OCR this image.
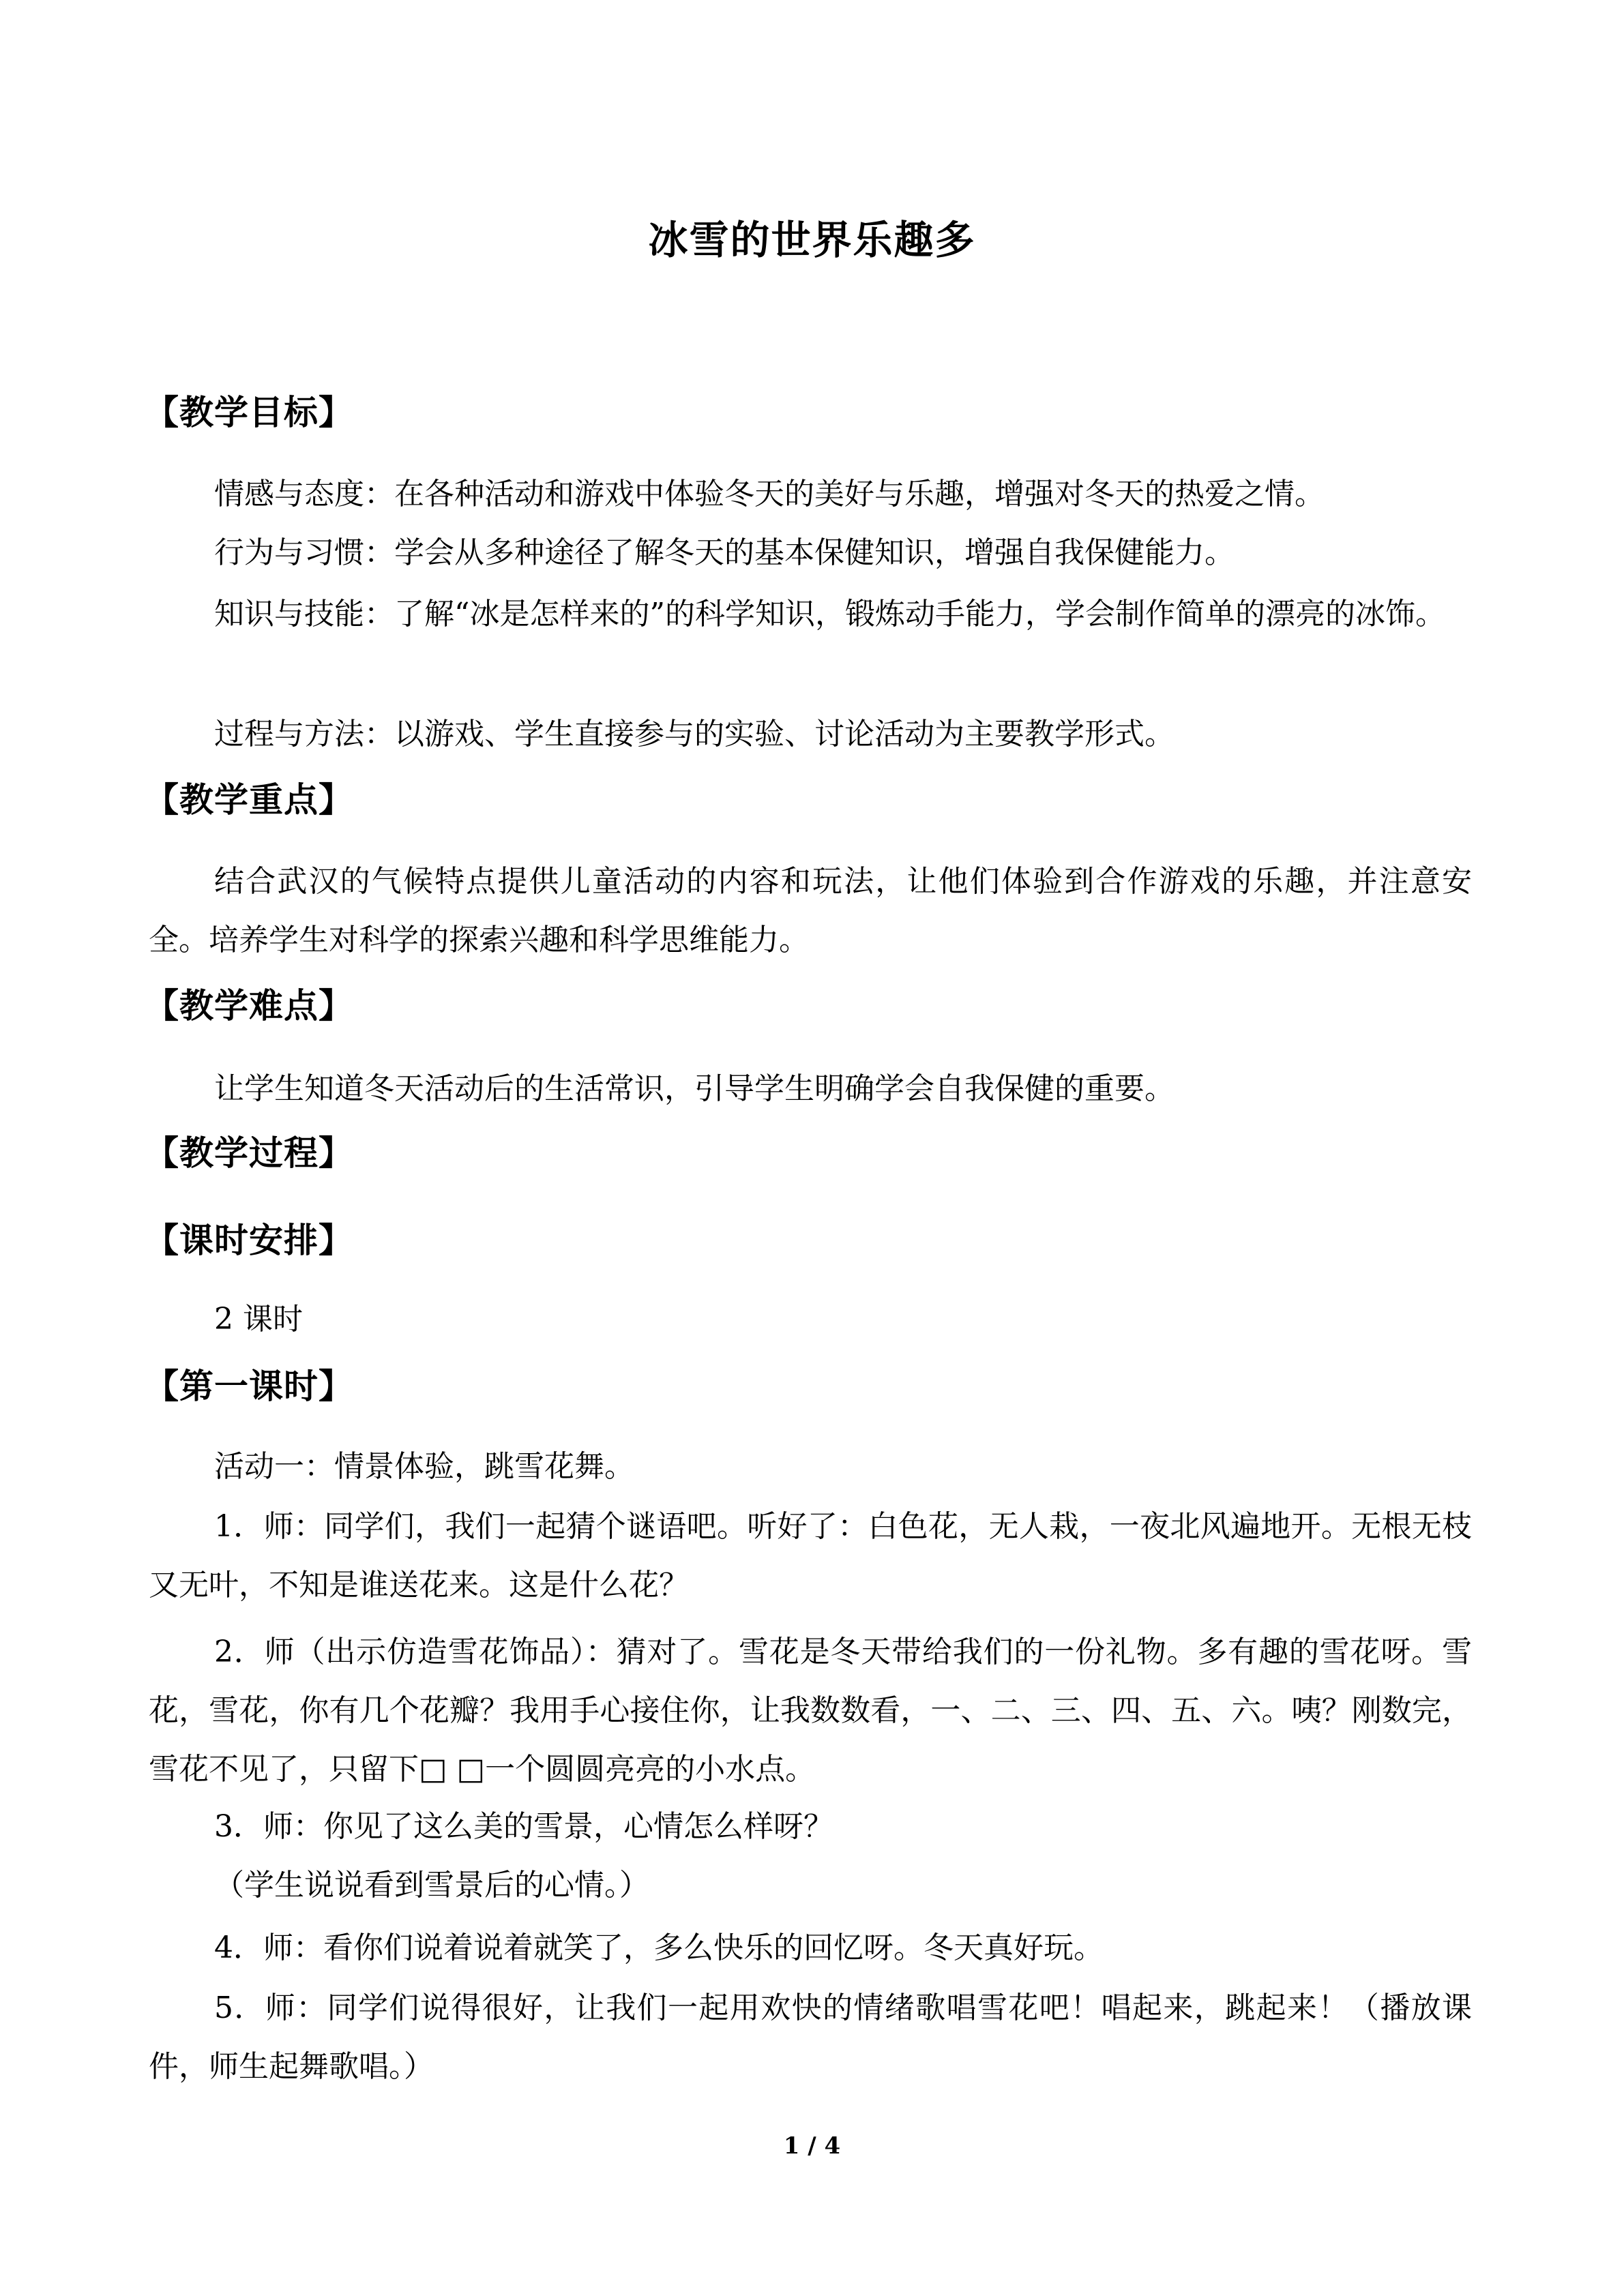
冰雪的世界乐趣多
【教学目标】
情感与态度：在各种活动和游戏中体验冬天的美好与乐趣，增强对冬天的热爱之情。
行为与习惯：学会从多种途径了解冬天的基本保健知识，增强自我保健能力。
知识与技能：了解“冰是怎样来的”的科学知识，锻炼动手能力，学会制作简单的漂亮的冰饰。
过程与方法：以游戏、学生直接参与的实验、讨论活动为主要教学形式。
【教学重点】
结合武汉的气候特点提供儿童活动的内容和玩法，让他们体验到合作游戏的乐趣，并注意安全。培养学生对科学的探索兴趣和科学思维能力。
【教学难点】
让学生知道冬天活动后的生活常识，引导学生明确学会自我保健的重要。
【教学过程】
【课时安排】
2 课时
【第一课时】
活动一：情景体验，跳雪花舞。
1．师：同学们，我们一起猜个谜语吧。听好了：白色花，无人栽，一夜北风遍地开。无根无枝又无叶，不知是谁送花来。这是什么花？
2．师（出示仿造雪花饰品）：猜对了。雪花是冬天带给我们的一份礼物。多有趣的雪花呀。雪花，雪花，你有几个花瓣？我用手心接住你，让我数数看，一、二、三、四、五、六。咦？刚数完，雪花不见了，只留下□ □一个圆圆亮亮的小水点。
3．师：你见了这么美的雪景，心情怎么样呀？
（学生说说看到雪景后的心情。）
4．师：看你们说着说着就笑了，多么快乐的回忆呀。冬天真好玩。
5．师：同学们说得很好，让我们一起用欢快的情绪歌唱雪花吧！唱起来，跳起来！（播放课件，师生起舞歌唱。）
1 / 4
